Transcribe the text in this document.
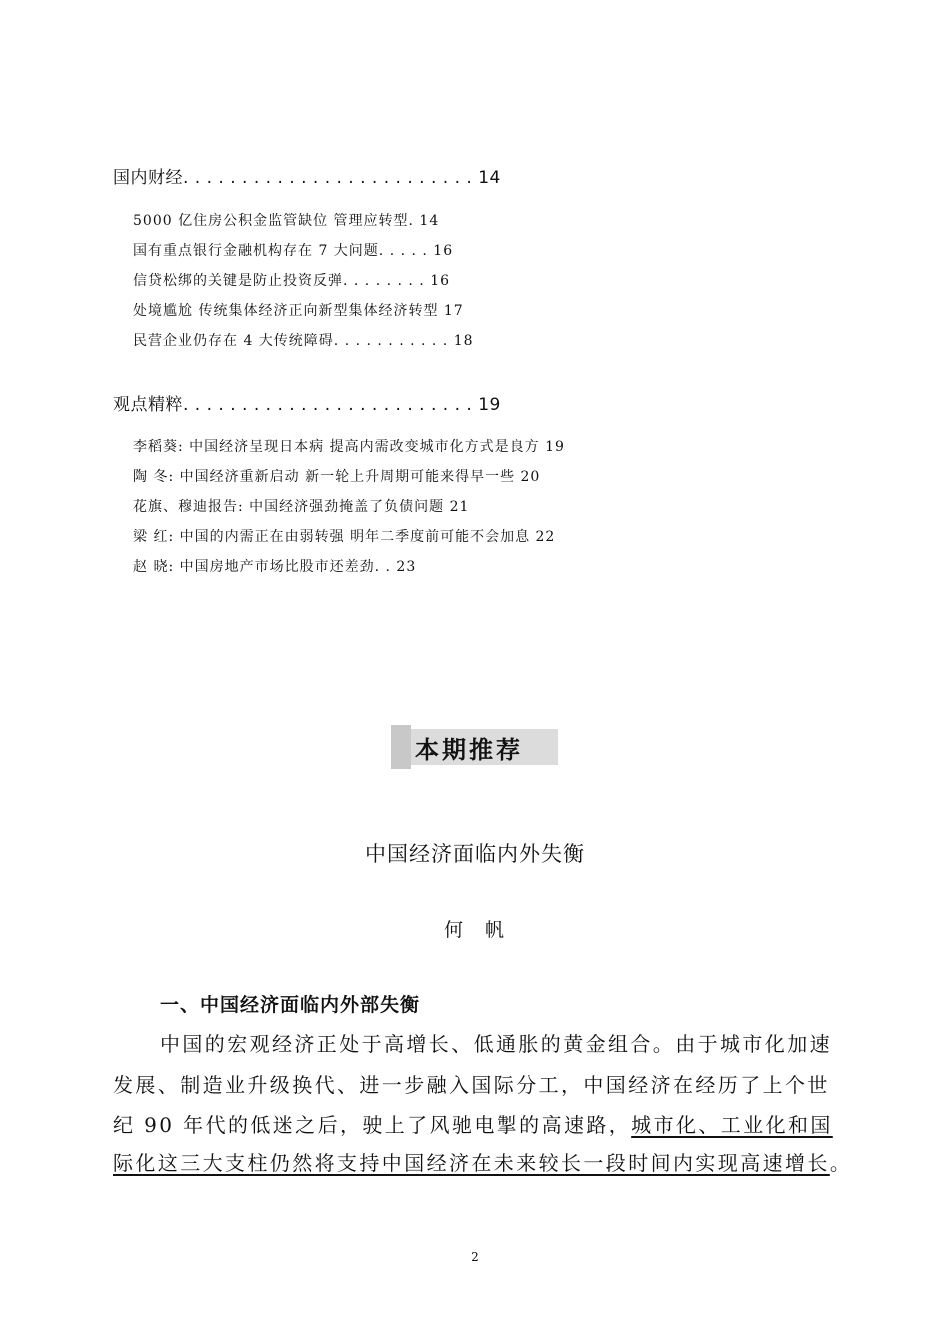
国内财经. . . . . . . . . . . . . . . . . . . . . . . . . 14
5000 亿住房公积金监管缺位 管理应转型. 14
国有重点银行金融机构存在 7 大问题. . . . . 16
信贷松绑的关键是防止投资反弹. . . . . . . . 16
处境尴尬 传统集体经济正向新型集体经济转型 17
民营企业仍存在 4 大传统障碍. . . . . . . . . . . 18
观点精粹. . . . . . . . . . . . . . . . . . . . . . . . . 19
李稻葵: 中国经济呈现日本病 提高内需改变城市化方式是良方 19
陶 冬: 中国经济重新启动 新一轮上升周期可能来得早一些 20
花旗、穆迪报告: 中国经济强劲掩盖了负债问题 21
梁 红: 中国的内需正在由弱转强 明年二季度前可能不会加息 22
赵 晓: 中国房地产市场比股市还差劲. . 23
本期推荐
中国经济面临内外失衡
何帆
一、中国经济面临内外部失衡
中国的宏观经济正处于高增长、低通胀的黄金组合。由于城市化加速
发展、制造业升级换代、进一步融入国际分工，中国经济在经历了上个世
纪 90 年代的低迷之后，驶上了风驰电掣的高速路，城市化、工业化和国
际化这三大支柱仍然将支持中国经济在未来较长一段时间内实现高速增长。
2
